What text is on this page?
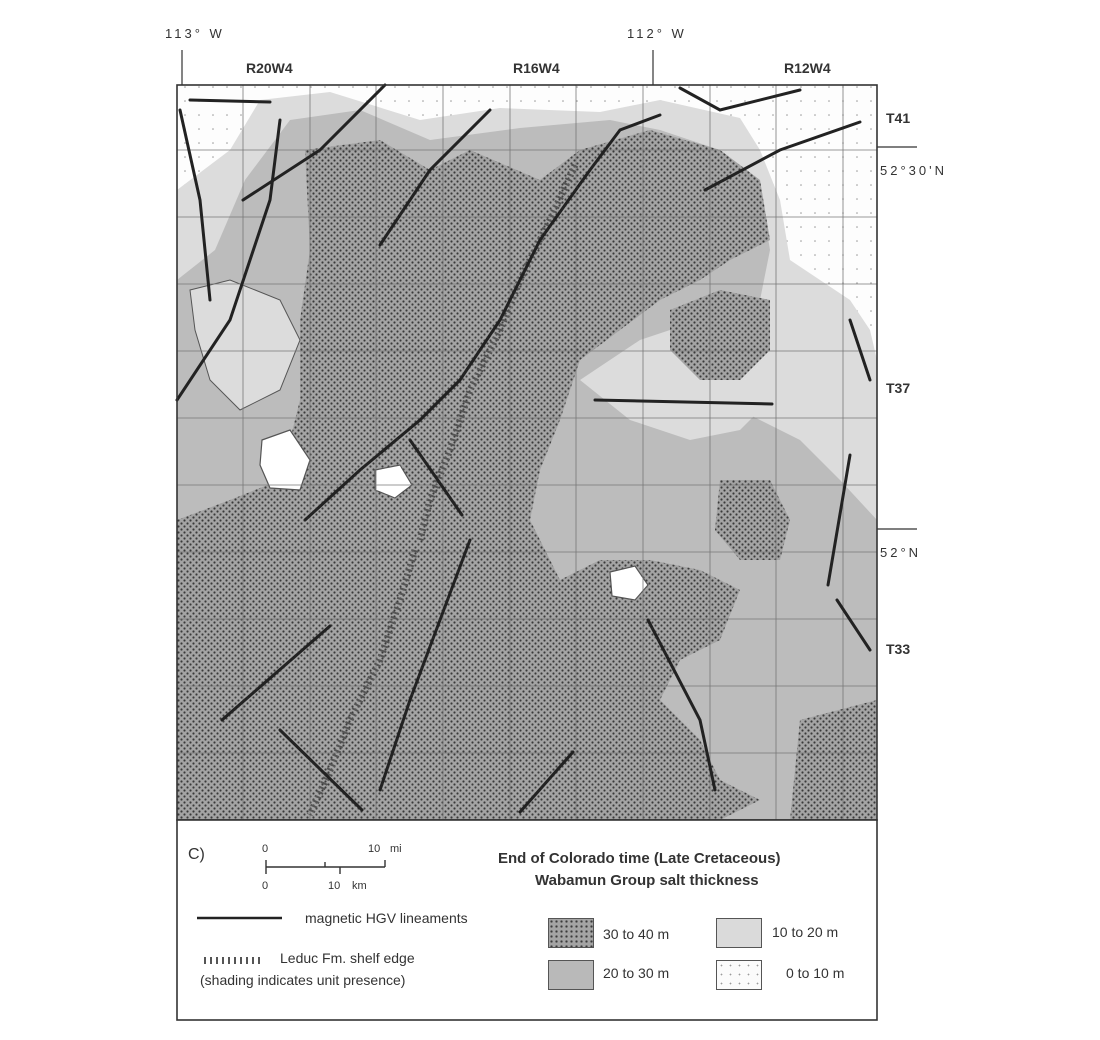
113° W	112° W
R20W4	R16W4	R12W4
T41
52°30'N
T37
52°N
T33
C)	0	10 mi
0	10 km
End of Colorado time (Late Cretaceous)
Wabamun Group salt thickness
magnetic HGV lineaments
Leduc Fm. shelf edge
(shading indicates unit presence)
30 to 40 m
20 to 30 m
10 to 20 m
0 to 10 m
